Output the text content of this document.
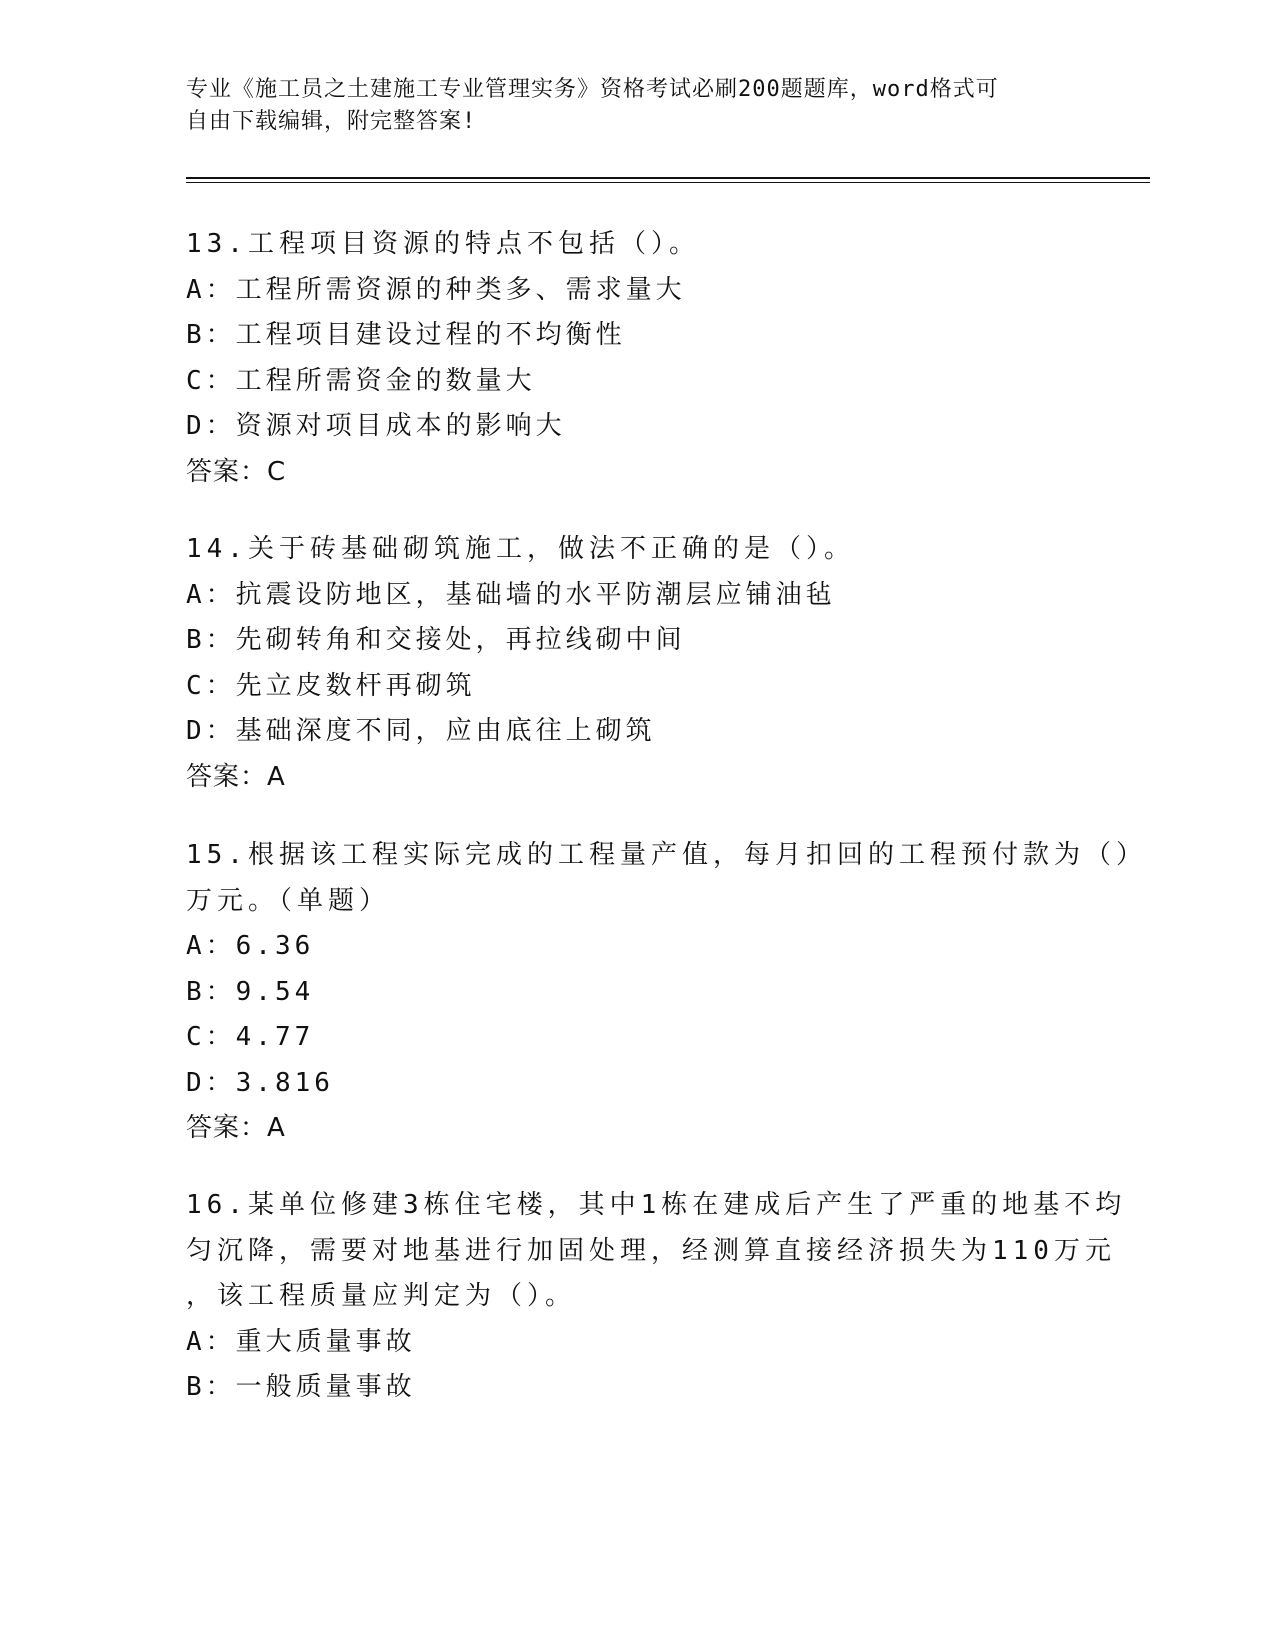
专业《施工员之土建施工专业管理实务》资格考试必刷200题题库，word格式可
自由下载编辑，附完整答案!
13.工程项目资源的特点不包括（）。
A：工程所需资源的种类多、需求量大
B：工程项目建设过程的不均衡性
C：工程所需资金的数量大
D：资源对项目成本的影响大
答案：C
14.关于砖基础砌筑施工，做法不正确的是（）。
A：抗震设防地区，基础墙的水平防潮层应铺油毡
B：先砌转角和交接处，再拉线砌中间
C：先立皮数杆再砌筑
D：基础深度不同，应由底往上砌筑
答案：A
15.根据该工程实际完成的工程量产值，每月扣回的工程预付款为（）
万元。（单题）
A：6.36
B：9.54
C：4.77
D：3.816
答案：A
16.某单位修建3栋住宅楼，其中1栋在建成后产生了严重的地基不均
匀沉降，需要对地基进行加固处理，经测算直接经济损失为110万元
，该工程质量应判定为（）。
A：重大质量事故
B：一般质量事故
